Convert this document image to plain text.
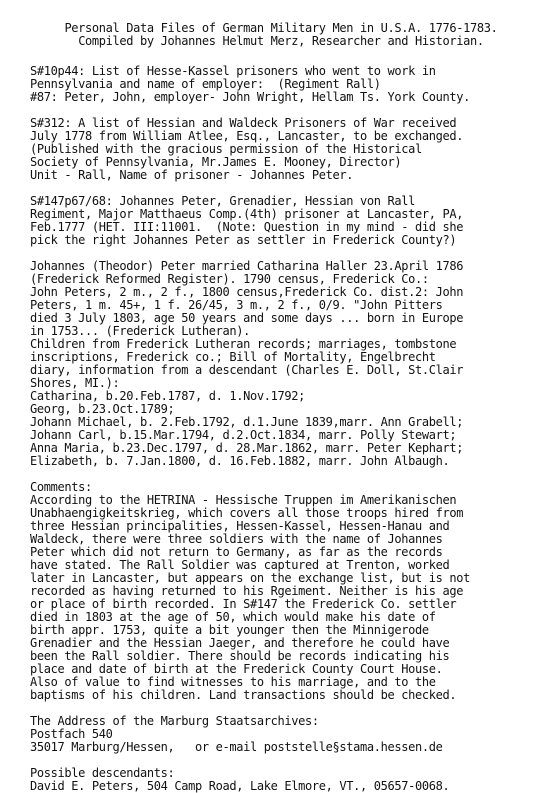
Personal Data Files of German Military Men in U.S.A. 1776-1783.
Compiled by Johannes Helmut Merz, Researcher and Historian.
S#10p44: List of Hesse-Kassel prisoners who went to work in
Pennsylvania and name of employer:  (Regiment Rall)
#87: Peter, John, employer- John Wright, Hellam Ts. York County.
S#312: A list of Hessian and Waldeck Prisoners of War received
July 1778 from William Atlee, Esq., Lancaster, to be exchanged.
(Published with the gracious permission of the Historical
Society of Pennsylvania, Mr.James E. Mooney, Director)
Unit - Rall, Name of prisoner - Johannes Peter.
S#147p67/68: Johannes Peter, Grenadier, Hessian von Rall
Regiment, Major Matthaeus Comp.(4th) prisoner at Lancaster, PA,
Feb.1777 (HET. III:11001.  (Note: Question in my mind - did she
pick the right Johannes Peter as settler in Frederick County?)
Johannes (Theodor) Peter married Catharina Haller 23.April 1786
(Frederick Reformed Register). 1790 census, Frederick Co.:
John Peters, 2 m., 2 f., 1800 census,Frederick Co. dist.2: John
Peters, 1 m. 45+, 1 f. 26/45, 3 m., 2 f., 0/9. "John Pitters
died 3 July 1803, age 50 years and some days ... born in Europe
in 1753... (Frederick Lutheran).
Children from Frederick Lutheran records; marriages, tombstone
inscriptions, Frederick co.; Bill of Mortality, Engelbrecht
diary, information from a descendant (Charles E. Doll, St.Clair
Shores, MI.):
Catharina, b.20.Feb.1787, d. 1.Nov.1792;
Georg, b.23.Oct.1789;
Johann Michael, b. 2.Feb.1792, d.1.June 1839,marr. Ann Grabell;
Johann Carl, b.15.Mar.1794, d.2.Oct.1834, marr. Polly Stewart;
Anna Maria, b.23.Dec.1797, d. 28.Mar.1862, marr. Peter Kephart;
Elizabeth, b. 7.Jan.1800, d. 16.Feb.1882, marr. John Albaugh.
Comments:
According to the HETRINA - Hessische Truppen im Amerikanischen
Unabhaengigkeitskrieg, which covers all those troops hired from
three Hessian principalities, Hessen-Kassel, Hessen-Hanau and
Waldeck, there were three soldiers with the name of Johannes
Peter which did not return to Germany, as far as the records
have stated. The Rall Soldier was captured at Trenton, worked
later in Lancaster, but appears on the exchange list, but is not
recorded as having returned to his Rgeiment. Neither is his age
or place of birth recorded. In S#147 the Frederick Co. settler
died in 1803 at the age of 50, which would make his date of
birth appr. 1753, quite a bit younger then the Minnigerode
Grenadier and the Hessian Jaeger, and therefore he could have
been the Rall soldier. There should be records indicating his
place and date of birth at the Frederick County Court House.
Also of value to find witnesses to his marriage, and to the
baptisms of his children. Land transactions should be checked.
The Address of the Marburg Staatsarchives:
Postfach 540
35017 Marburg/Hessen,   or e-mail poststelle§stama.hessen.de
Possible descendants:
David E. Peters, 504 Camp Road, Lake Elmore, VT., 05657-0068.
